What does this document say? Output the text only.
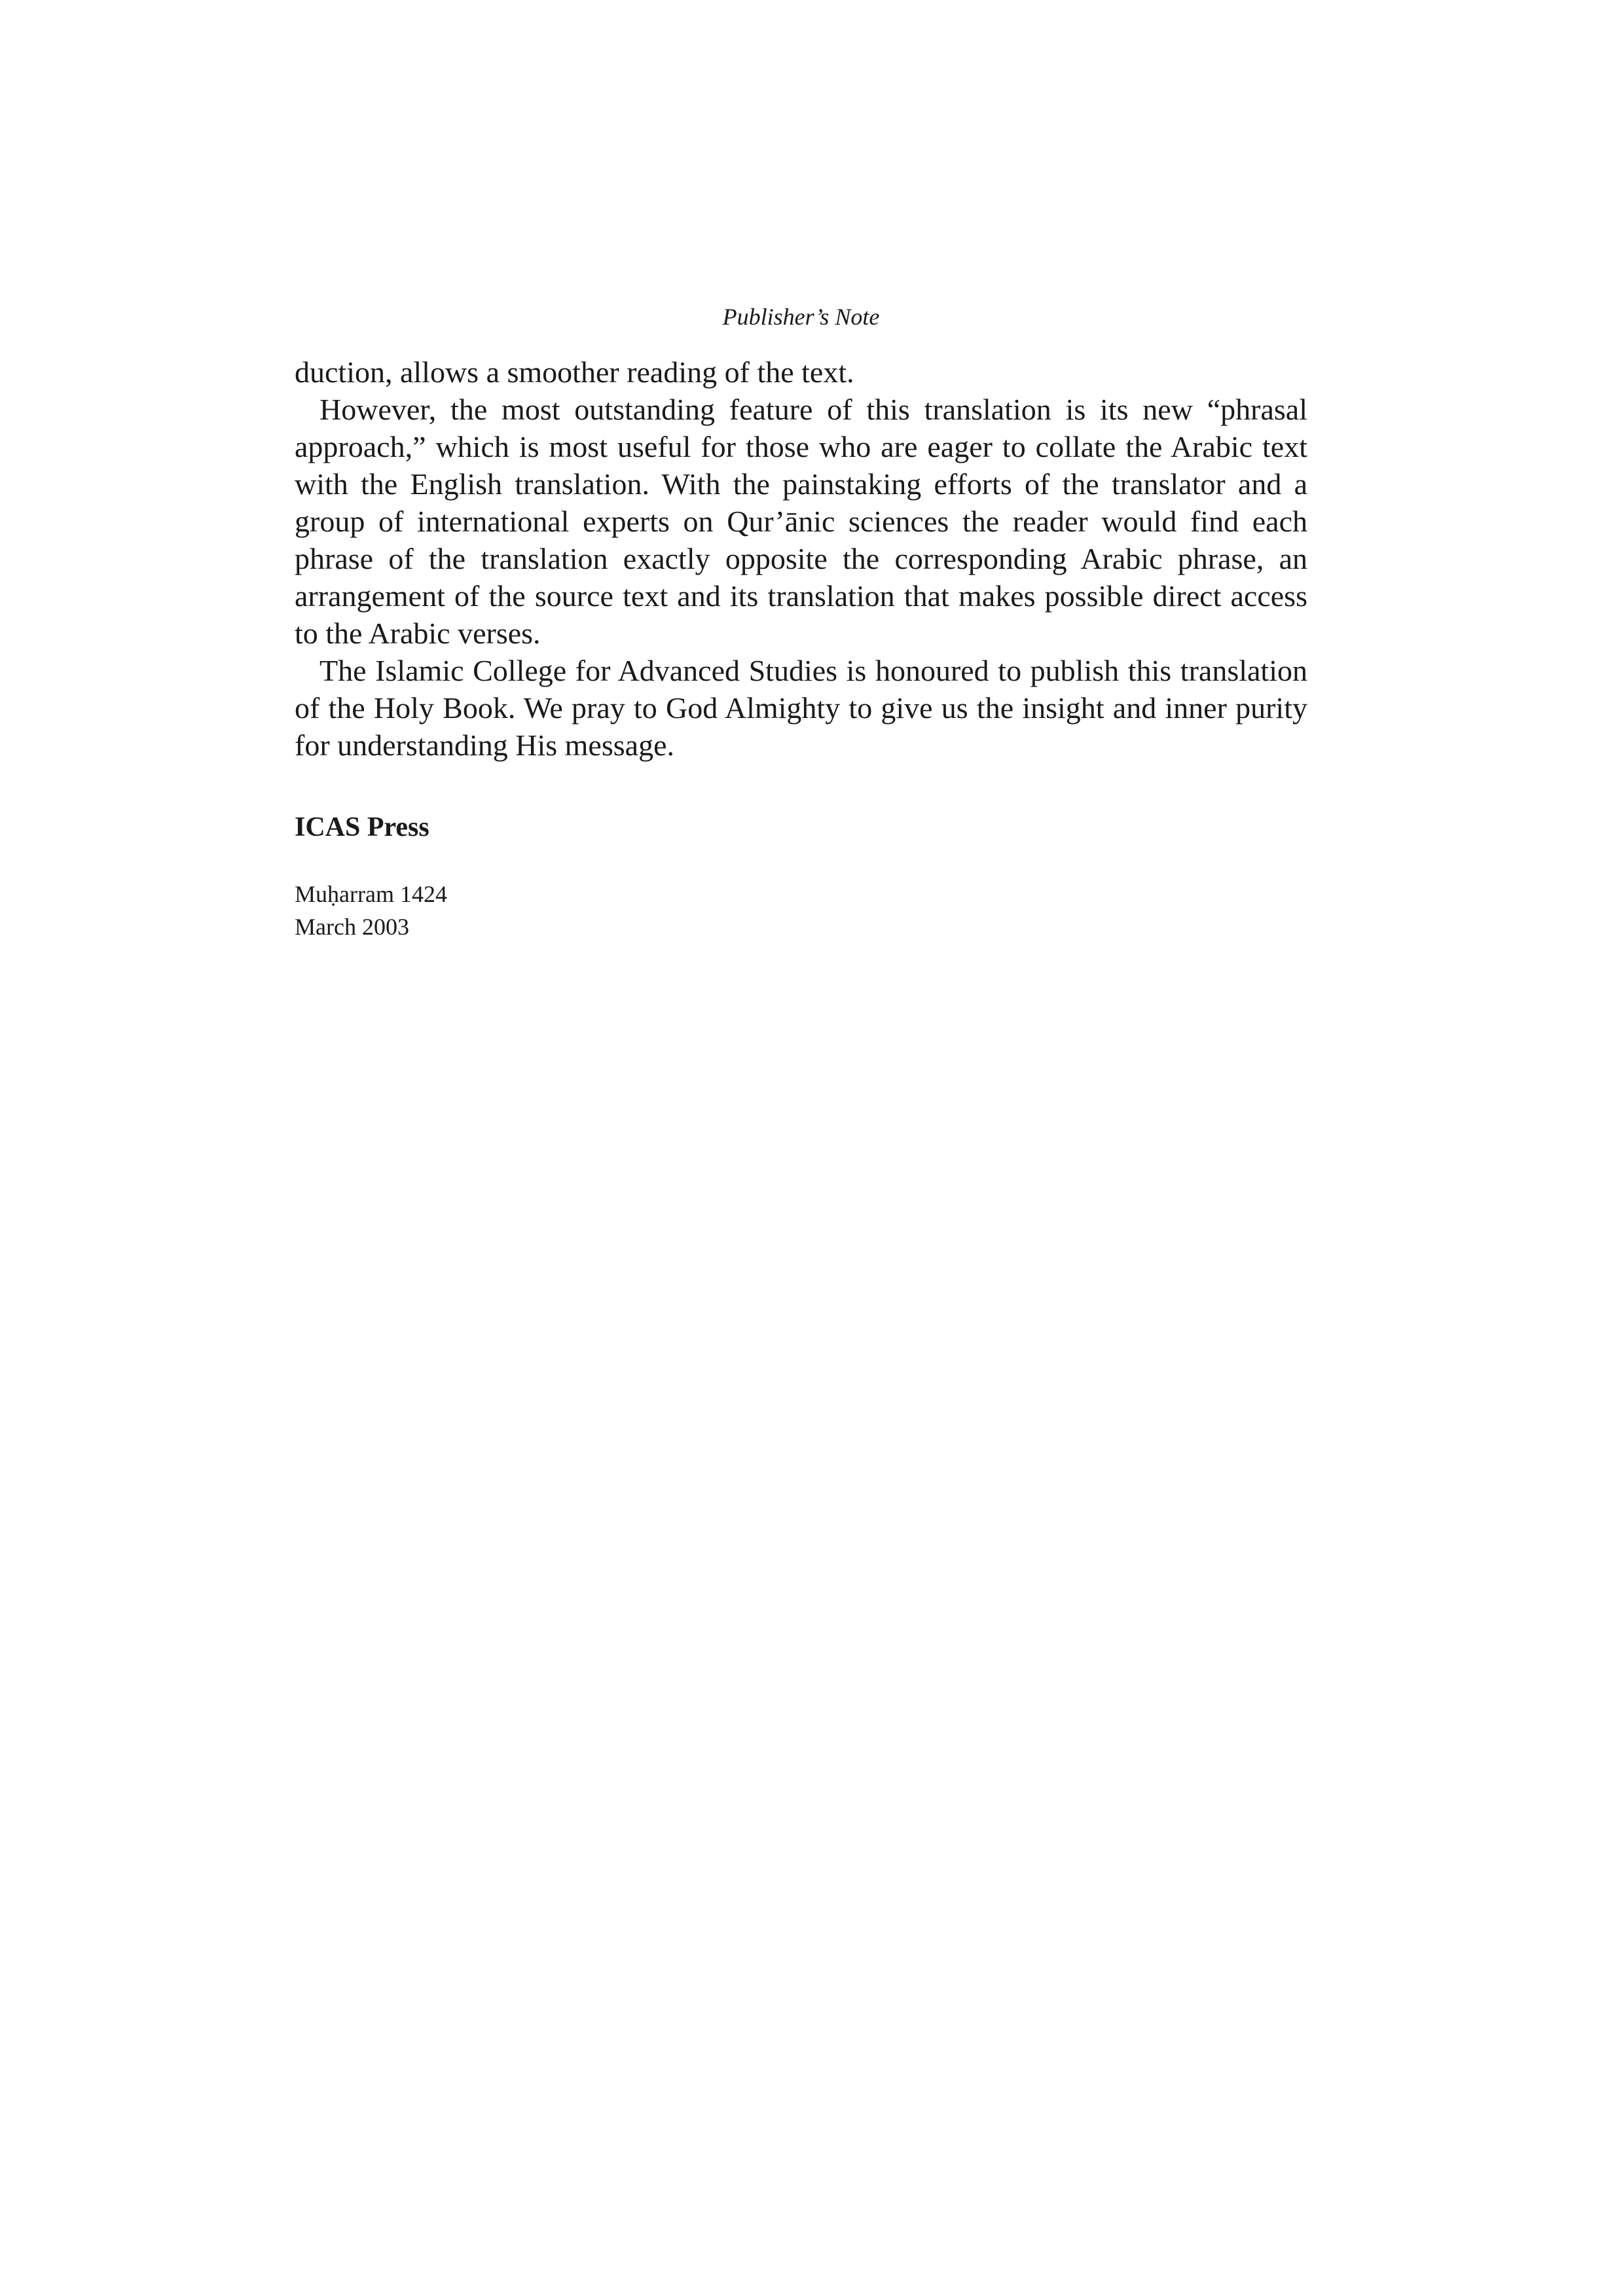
Publisher’s Note

duction, allows a smoother reading of the text.

However, the most outstanding feature of this translation is its new “phrasal approach,” which is most useful for those who are eager to collate the Arabic text with the English translation. With the painstaking efforts of the translator and a group of international experts on Qur’ānic sciences the reader would find each phrase of the translation exactly opposite the corresponding Arabic phrase, an arrangement of the source text and its translation that makes possible direct access to the Arabic verses.

The Islamic College for Advanced Studies is honoured to publish this translation of the Holy Book. We pray to God Almighty to give us the insight and inner purity for understanding His message.

ICAS Press
Muḥarram 1424
March 2003
